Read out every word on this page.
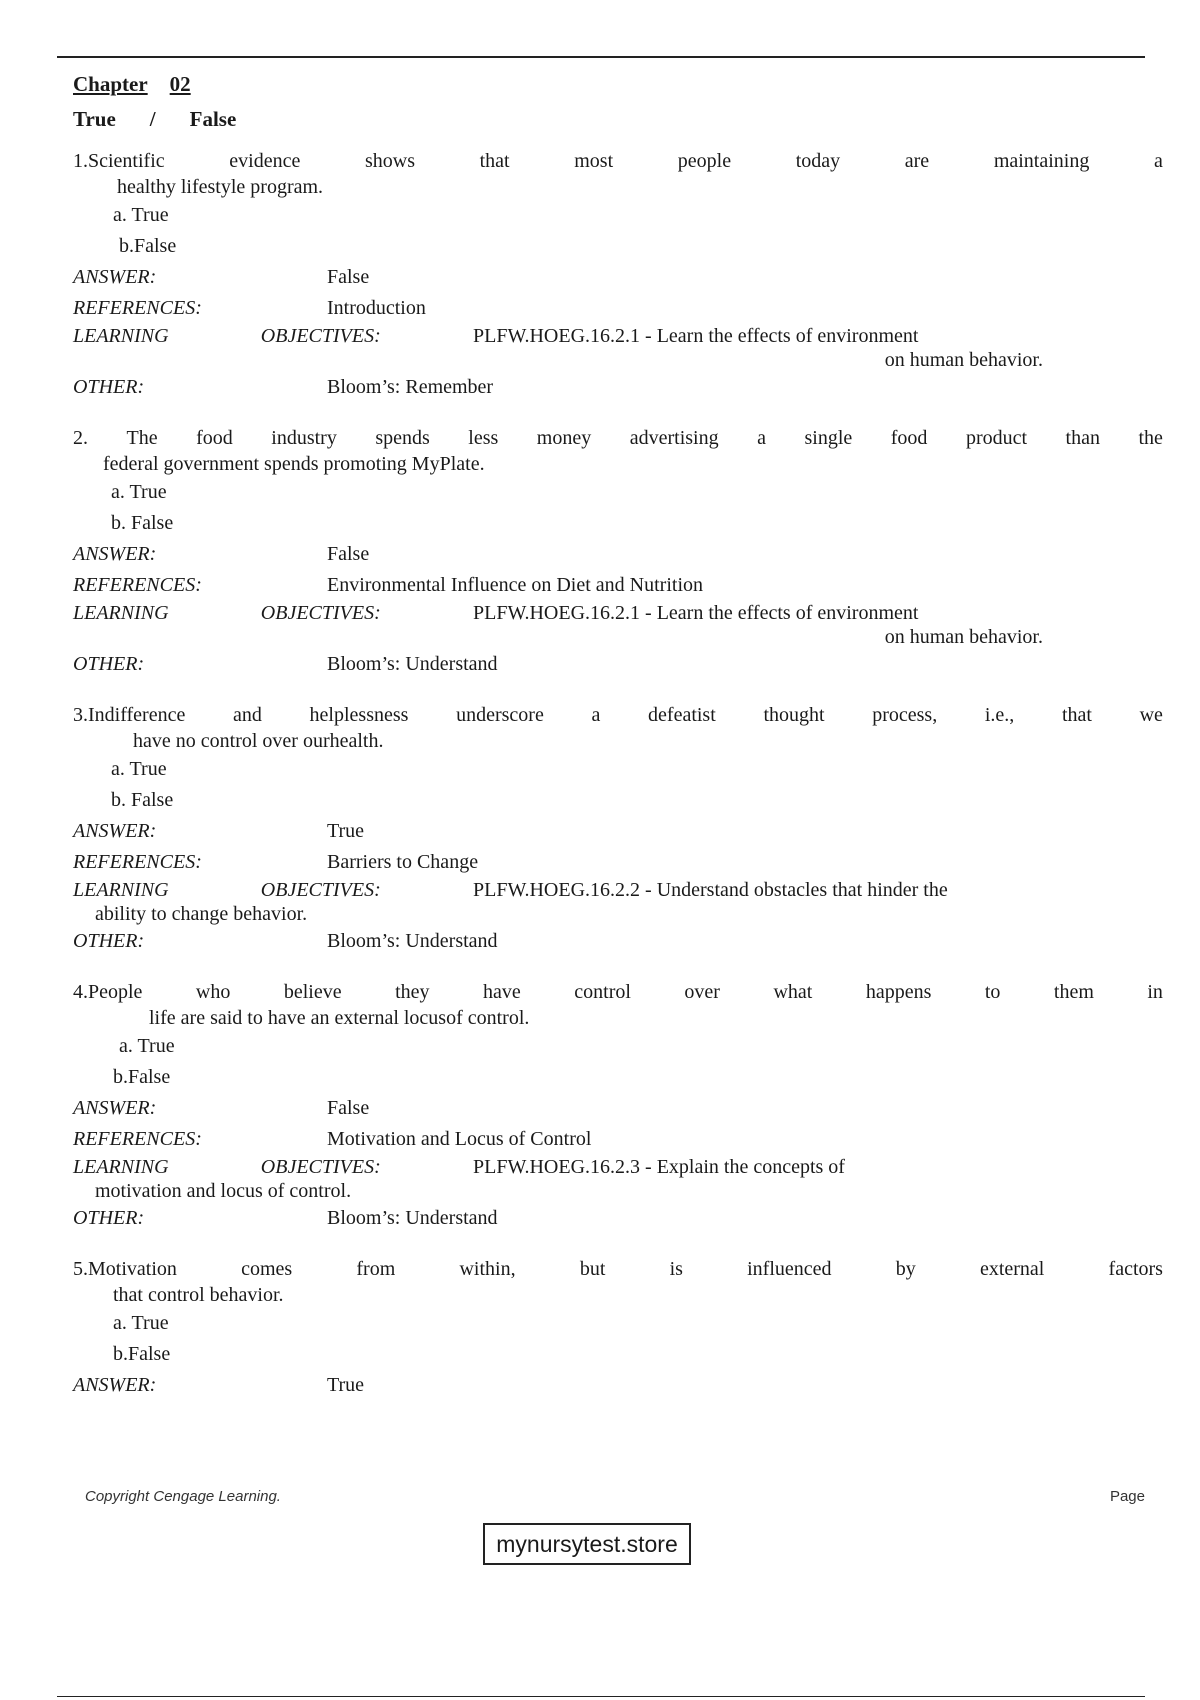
Chapter 02
True / False
1.Scientific	evidence	shows	that	most	people	today	are	maintaining	a
healthy lifestyle program.
a. True
b.False
ANSWER:	False
REFERENCES:	Introduction
LEARNING	OBJECTIVES:	PLFW.HOEG.16.2.1 - Learn the effects of environment
on human behavior.
OTHER:	Bloom’s: Remember
2. The food industry spends less money advertising a single food product than the
federal government spends promoting MyPlate.
a. True
b. False
ANSWER:	False
REFERENCES:	Environmental Influence on Diet and Nutrition
LEARNING	OBJECTIVES:	PLFW.HOEG.16.2.1 - Learn the effects of environment
on human behavior.
OTHER:	Bloom’s: Understand
3.Indifference and helplessness underscore a defeatist thought process, i.e., that we
have no control over ourhealth.
a. True
b. False
ANSWER:	True
REFERENCES:	Barriers to Change
LEARNING	OBJECTIVES:	PLFW.HOEG.16.2.2 - Understand obstacles that hinder the
ability to change behavior.
OTHER:	Bloom’s: Understand
4.People	who	believe	they	have	control	over	what	happens	to	them	in
life are said to have an external locusof control.
a. True
b.False
ANSWER:	False
REFERENCES:	Motivation and Locus of Control
LEARNING	OBJECTIVES:	PLFW.HOEG.16.2.3 - Explain the concepts of
motivation and locus of control.
OTHER:	Bloom’s: Understand
5.Motivation	comes	from	within,	but	is	influenced	by	external	factors
that control behavior.
a. True
b.False
ANSWER:	True
Copyright Cengage Learning.	Page
mynursytest.store
